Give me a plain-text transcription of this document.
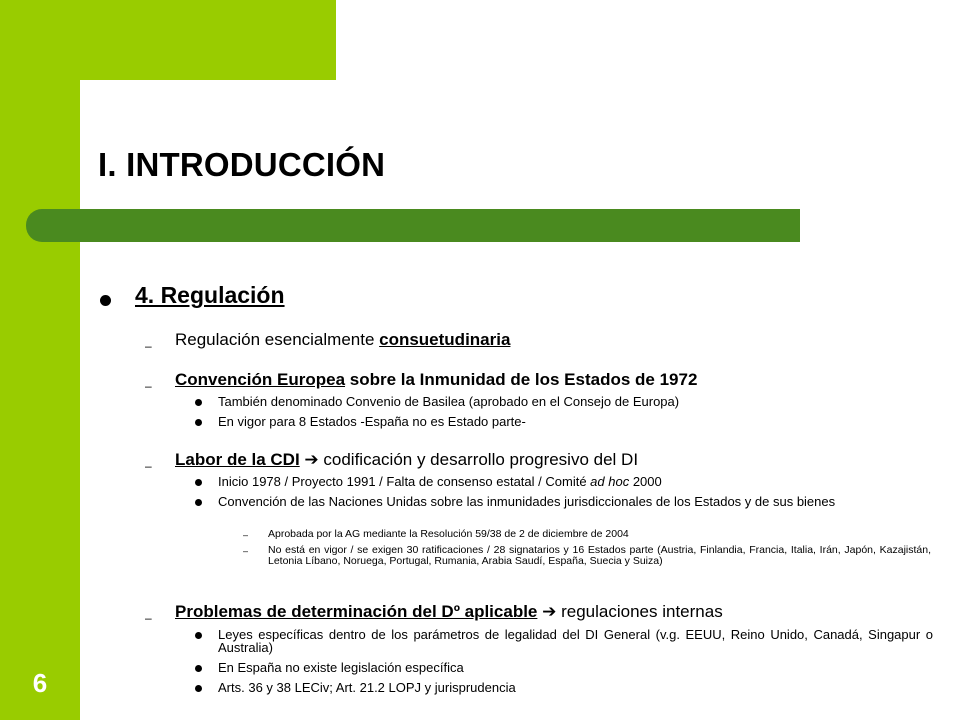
I. INTRODUCCIÓN
6
4. Regulación
– Regulación esencialmente consuetudinaria
– Convención Europea sobre la Inmunidad de los Estados de 1972
También denominado Convenio de Basilea (aprobado en el Consejo de Europa)
En vigor para 8 Estados -España no es Estado parte-
– Labor de la CDI ➔ codificación y desarrollo progresivo del DI
Inicio 1978 / Proyecto 1991 / Falta de consenso estatal / Comité ad hoc 2000
Convención de las Naciones Unidas sobre las inmunidades jurisdiccionales de los Estados y de sus bienes
– Aprobada por la AG mediante la Resolución 59/38 de 2 de diciembre de 2004
– No está en vigor / se exigen 30 ratificaciones / 28 signatarios y 16 Estados parte (Austria, Finlandia, Francia, Italia, Irán, Japón, Kazajistán, Letonia Líbano, Noruega, Portugal, Rumania, Arabia Saudí, España, Suecia y Suiza)
– Problemas de determinación del Dº aplicable ➔ regulaciones internas
Leyes específicas dentro de los parámetros de legalidad del DI General (v.g. EEUU, Reino Unido, Canadá, Singapur o Australia)
En España no existe legislación específica
Arts. 36 y 38 LECiv; Art. 21.2 LOPJ y jurisprudencia
